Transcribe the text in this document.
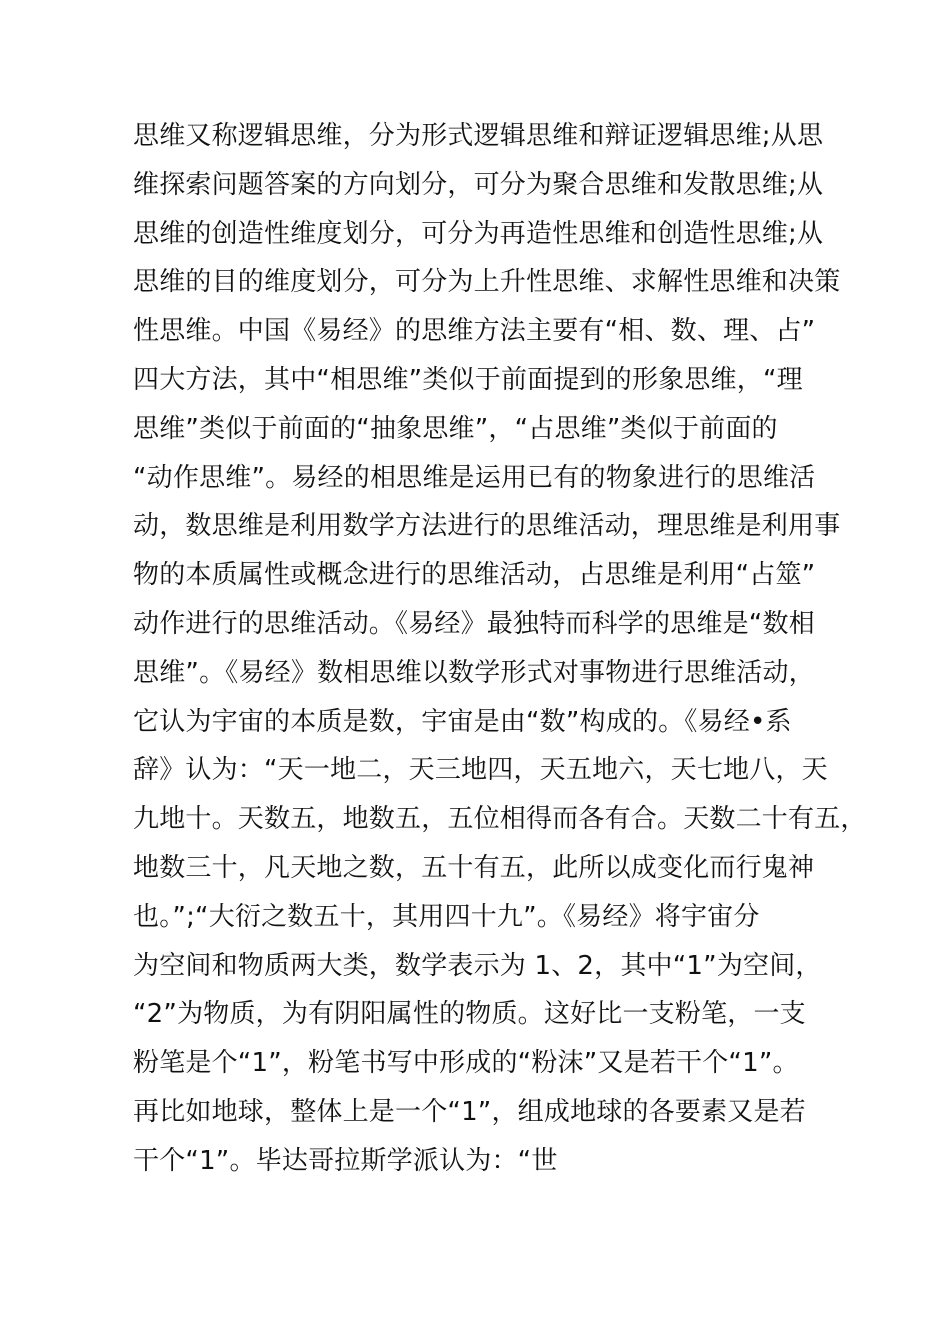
思维又称逻辑思维，分为形式逻辑思维和辩证逻辑思维;从思
维探索问题答案的方向划分，可分为聚合思维和发散思维;从
思维的创造性维度划分，可分为再造性思维和创造性思维;从
思维的目的维度划分，可分为上升性思维、求解性思维和决策
性思维。中国《易经》的思维方法主要有“相、数、理、占”
四大方法，其中“相思维”类似于前面提到的形象思维，“理
思维”类似于前面的“抽象思维”，“占思维”类似于前面的
“动作思维”。易经的相思维是运用已有的物象进行的思维活
动，数思维是利用数学方法进行的思维活动，理思维是利用事
物的本质属性或概念进行的思维活动，占思维是利用“占筮”
动作进行的思维活动。《易经》最独特而科学的思维是“数相
思维”。《易经》数相思维以数学形式对事物进行思维活动，
它认为宇宙的本质是数，宇宙是由“数”构成的。《易经•系
辞》认为：“天一地二，天三地四，天五地六，天七地八，天
九地十。天数五，地数五，五位相得而各有合。天数二十有五，
地数三十，凡天地之数，五十有五，此所以成变化而行鬼神
也。”;“大衍之数五十，其用四十九”。《易经》将宇宙分
为空间和物质两大类，数学表示为 1、2，其中“1”为空间，
“2”为物质，为有阴阳属性的物质。这好比一支粉笔，一支
粉笔是个“1”，粉笔书写中形成的“粉沫”又是若干个“1”。
再比如地球，整体上是一个“1”，组成地球的各要素又是若
干个“1”。毕达哥拉斯学派认为：“世
